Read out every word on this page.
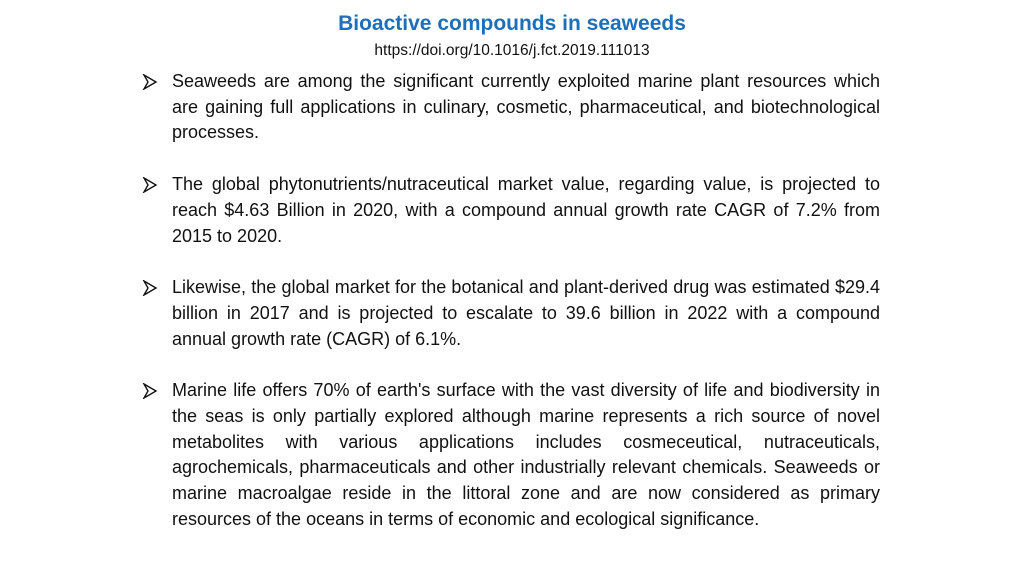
Bioactive compounds in seaweeds
https://doi.org/10.1016/j.fct.2019.111013
Seaweeds are among the significant currently exploited marine plant resources which are gaining full applications in culinary, cosmetic, pharmaceutical, and biotechnological processes.
The global phytonutrients/nutraceutical market value, regarding value, is projected to reach $4.63 Billion in 2020, with a compound annual growth rate CAGR of 7.2% from 2015 to 2020.
Likewise, the global market for the botanical and plant-derived drug was estimated $29.4 billion in 2017 and is projected to escalate to 39.6 billion in 2022 with a compound annual growth rate (CAGR) of 6.1%.
Marine life offers 70% of earth's surface with the vast diversity of life and biodiversity in the seas is only partially explored although marine represents a rich source of novel metabolites with various applications includes cosmeceutical, nutraceuticals, agrochemicals, pharmaceuticals and other industrially relevant chemicals. Seaweeds or marine macroalgae reside in the littoral zone and are now considered as primary resources of the oceans in terms of economic and ecological significance.
